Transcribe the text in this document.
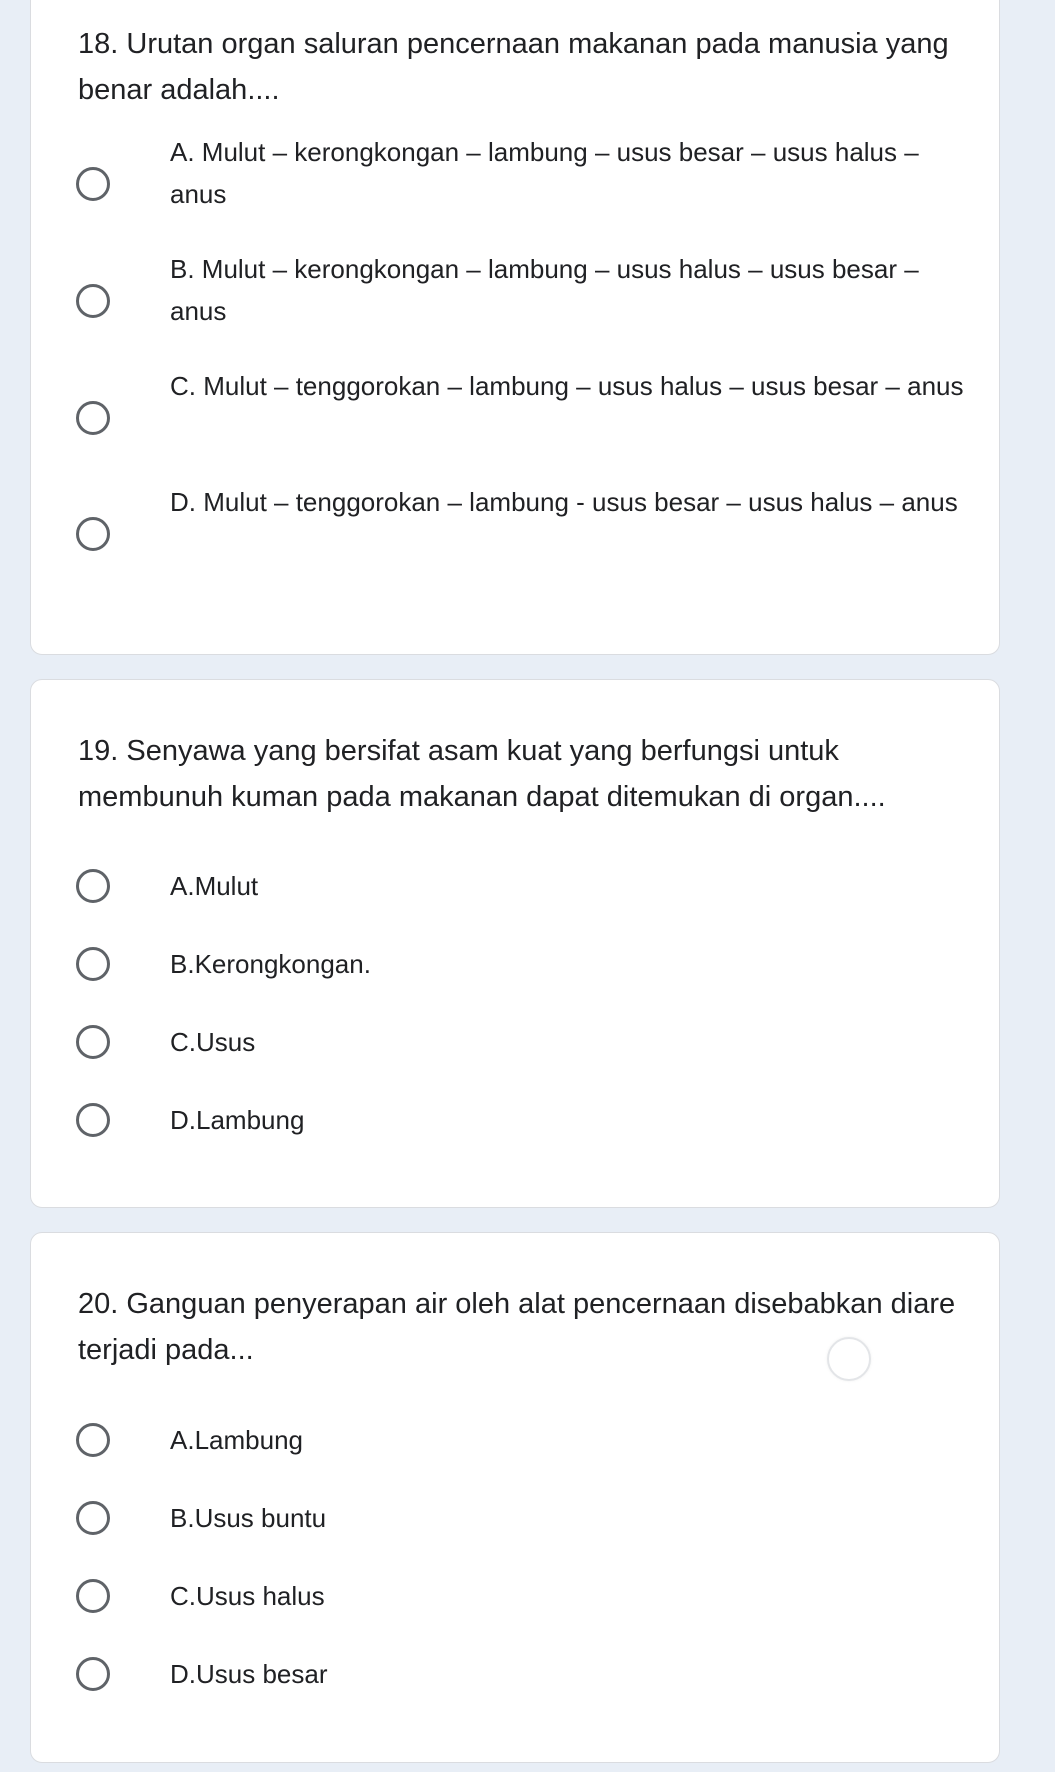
18. Urutan organ saluran pencernaan makanan pada manusia yang benar adalah....

A. Mulut – kerongkongan – lambung – usus besar – usus halus – anus
B. Mulut – kerongkongan – lambung – usus halus – usus besar – anus
C. Mulut – tenggorokan – lambung – usus halus – usus besar – anus
D. Mulut – tenggorokan – lambung - usus besar – usus halus – anus

19. Senyawa yang bersifat asam kuat yang berfungsi untuk membunuh kuman pada makanan dapat ditemukan di organ....

A.Mulut
B.Kerongkongan.
C.Usus
D.Lambung

20. Ganguan penyerapan air oleh alat pencernaan disebabkan diare terjadi pada...

A.Lambung
B.Usus buntu
C.Usus halus
D.Usus besar
